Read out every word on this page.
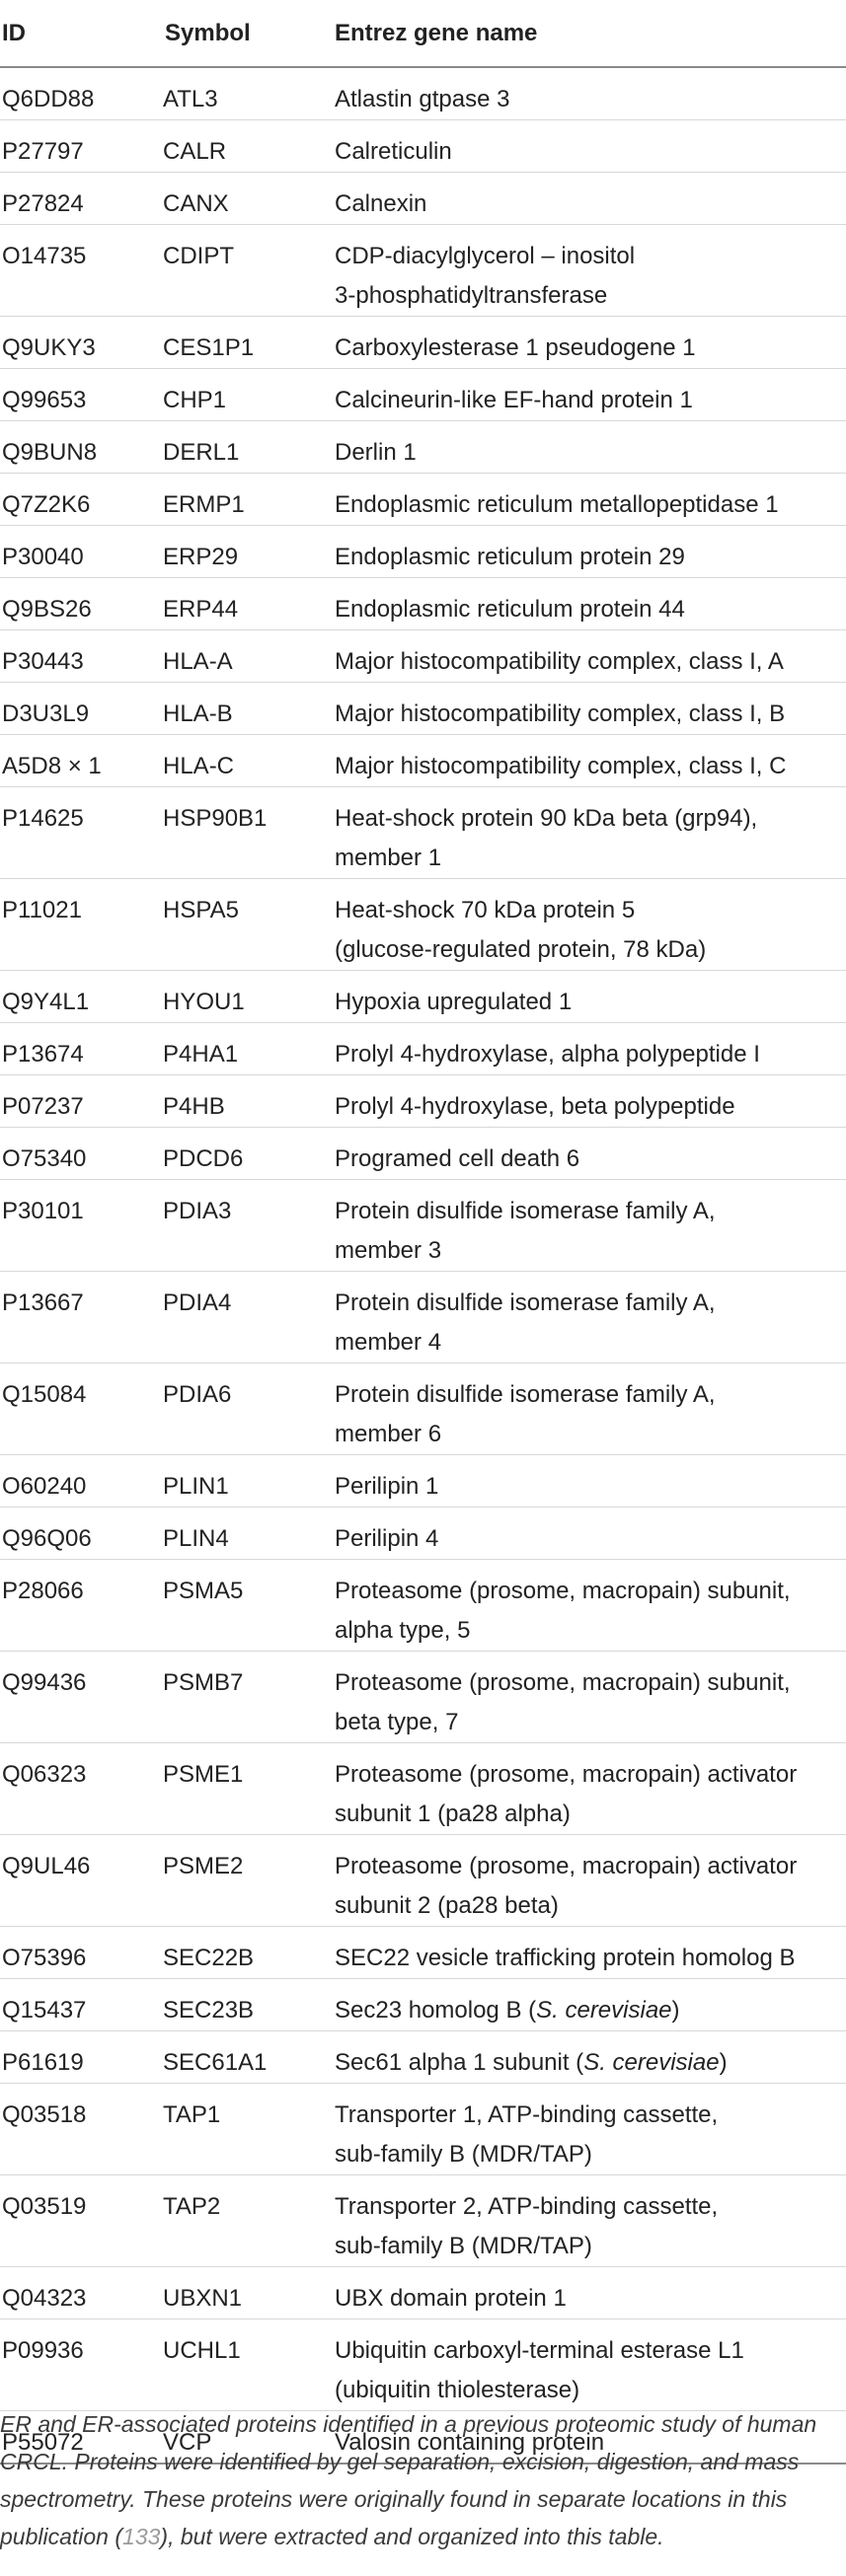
ID	Symbol	Entrez gene name
Q6DD88	ATL3	Atlastin gtpase 3
P27797	CALR	Calreticulin
P27824	CANX	Calnexin
O14735	CDIPT	CDP-diacylglycerol – inositol
3-phosphatidyltransferase
Q9UKY3	CES1P1	Carboxylesterase 1 pseudogene 1
Q99653	CHP1	Calcineurin-like EF-hand protein 1
Q9BUN8	DERL1	Derlin 1
Q7Z2K6	ERMP1	Endoplasmic reticulum metallopeptidase 1
P30040	ERP29	Endoplasmic reticulum protein 29
Q9BS26	ERP44	Endoplasmic reticulum protein 44
P30443	HLA-A	Major histocompatibility complex, class I, A
D3U3L9	HLA-B	Major histocompatibility complex, class I, B
A5D8 × 1	HLA-C	Major histocompatibility complex, class I, C
P14625	HSP90B1	Heat-shock protein 90 kDa beta (grp94),
member 1
P11021	HSPA5	Heat-shock 70 kDa protein 5
(glucose-regulated protein, 78 kDa)
Q9Y4L1	HYOU1	Hypoxia upregulated 1
P13674	P4HA1	Prolyl 4-hydroxylase, alpha polypeptide I
P07237	P4HB	Prolyl 4-hydroxylase, beta polypeptide
O75340	PDCD6	Programed cell death 6
P30101	PDIA3	Protein disulfide isomerase family A,
member 3
P13667	PDIA4	Protein disulfide isomerase family A,
member 4
Q15084	PDIA6	Protein disulfide isomerase family A,
member 6
O60240	PLIN1	Perilipin 1
Q96Q06	PLIN4	Perilipin 4
P28066	PSMA5	Proteasome (prosome, macropain) subunit,
alpha type, 5
Q99436	PSMB7	Proteasome (prosome, macropain) subunit,
beta type, 7
Q06323	PSME1	Proteasome (prosome, macropain) activator
subunit 1 (pa28 alpha)
Q9UL46	PSME2	Proteasome (prosome, macropain) activator
subunit 2 (pa28 beta)
O75396	SEC22B	SEC22 vesicle trafficking protein homolog B
Q15437	SEC23B	Sec23 homolog B (S. cerevisiae)
P61619	SEC61A1	Sec61 alpha 1 subunit (S. cerevisiae)
Q03518	TAP1	Transporter 1, ATP-binding cassette,
sub-family B (MDR/TAP)
Q03519	TAP2	Transporter 2, ATP-binding cassette,
sub-family B (MDR/TAP)
Q04323	UBXN1	UBX domain protein 1
P09936	UCHL1	Ubiquitin carboxyl-terminal esterase L1
(ubiquitin thiolesterase)
P55072	VCP	Valosin containing protein
ER and ER-associated proteins identified in a previous proteomic study of human CRCL. Proteins were identified by gel separation, excision, digestion, and mass spectrometry. These proteins were originally found in separate locations in this publication (133), but were extracted and organized into this table.
